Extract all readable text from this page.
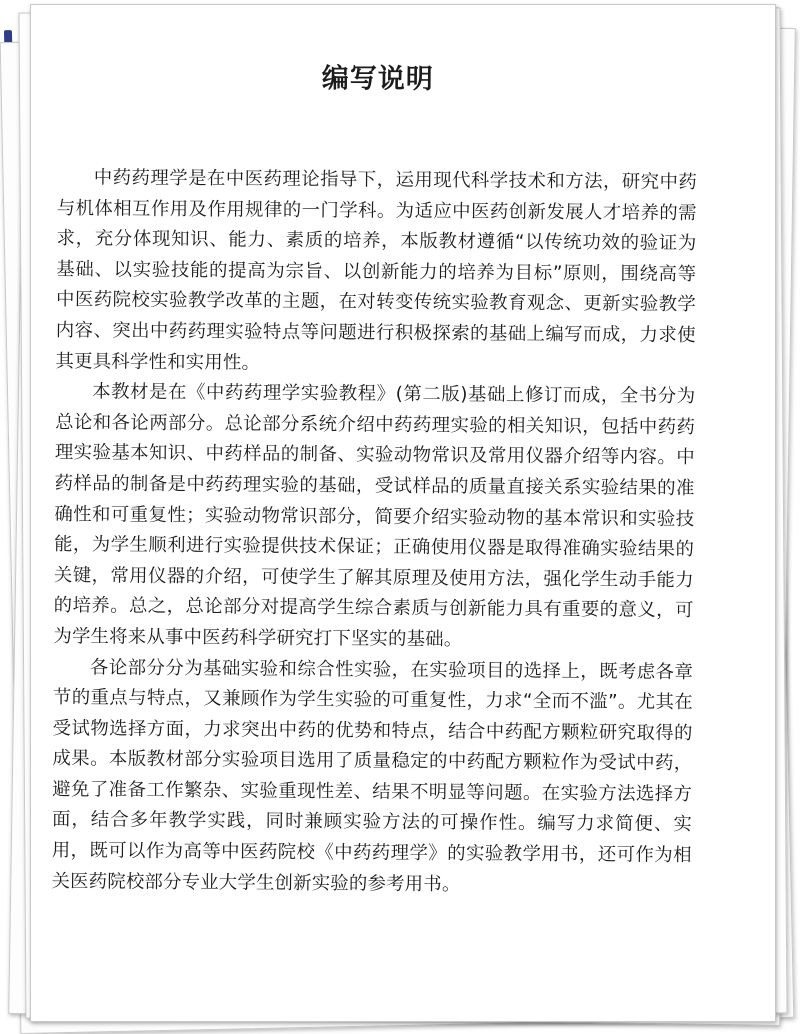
编写说明

中药药理学是在中医药理论指导下，运用现代科学技术和方法，研究中药与机体相互作用及作用规律的一门学科。为适应中医药创新发展人才培养的需求，充分体现知识、能力、素质的培养，本版教材遵循“以传统功效的验证为基础、以实验技能的提高为宗旨、以创新能力的培养为目标”原则，围绕高等中医药院校实验教学改革的主题，在对转变传统实验教育观念、更新实验教学内容、突出中药药理实验特点等问题进行积极探索的基础上编写而成，力求使其更具科学性和实用性。

本教材是在《中药药理学实验教程》(第二版)基础上修订而成，全书分为总论和各论两部分。总论部分系统介绍中药药理实验的相关知识，包括中药药理实验基本知识、中药样品的制备、实验动物常识及常用仪器介绍等内容。中药样品的制备是中药药理实验的基础，受试样品的质量直接关系实验结果的准确性和可重复性；实验动物常识部分，简要介绍实验动物的基本常识和实验技能，为学生顺利进行实验提供技术保证；正确使用仪器是取得准确实验结果的关键，常用仪器的介绍，可使学生了解其原理及使用方法，强化学生动手能力的培养。总之，总论部分对提高学生综合素质与创新能力具有重要的意义，可为学生将来从事中医药科学研究打下坚实的基础。

各论部分分为基础实验和综合性实验，在实验项目的选择上，既考虑各章节的重点与特点，又兼顾作为学生实验的可重复性，力求“全而不滥”。尤其在受试物选择方面，力求突出中药的优势和特点，结合中药配方颗粒研究取得的成果。本版教材部分实验项目选用了质量稳定的中药配方颗粒作为受试中药，避免了准备工作繁杂、实验重现性差、结果不明显等问题。在实验方法选择方面，结合多年教学实践，同时兼顾实验方法的可操作性。编写力求简便、实用，既可以作为高等中医药院校《中药药理学》的实验教学用书，还可作为相关医药院校部分专业大学生创新实验的参考用书。
